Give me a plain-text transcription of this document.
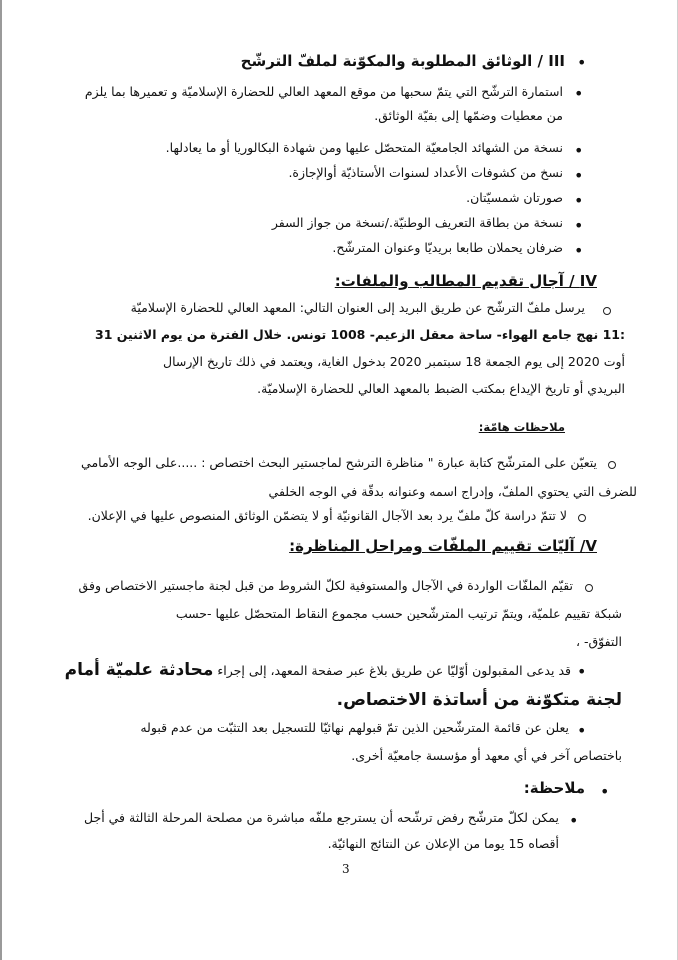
•
III / الوثائق المطلوبة والمكوّنة لملفّ الترشّح
•
استمارة الترشّح التي يتمّ سحبها من موقع المعهد العالي للحضارة الإسلاميّة و تعميرها بما يلزم
من معطيات وضمّها إلى بقيّة الوثائق.
•
نسخة من الشهائد الجامعيّة المتحصّل عليها ومن شهادة البكالوريا أو ما يعادلها.
•
نسخ من كشوفات الأعداد لسنوات الأستاذيّة أوالإجازة.
•
صورتان شمسيّتان.
•
نسخة من بطاقة التعريف الوطنيّة./نسخة من جواز السفر
•
ضرفان يحملان طابعا بريديّا وعنوان المترشّح.
IV / آجال تقديم المطالب والملفات:
يرسل ملفّ الترشّح عن طريق البريد إلى العنوان التالي: المعهد العالي للحضارة الإسلاميّة
:11 نهج جامع الهواء- ساحة معقل الزعيم- 1008 تونس. خلال الفترة من يوم الاثنين 31
أوت 2020 إلى يوم الجمعة 18 سبتمبر 2020 بدخول الغاية، ويعتمد في ذلك تاريخ الإرسال
البريدي أو تاريخ الإيداع بمكتب الضبط بالمعهد العالي للحضارة الإسلاميّة.
ملاحظات هامّة:
يتعيّن على المترشّح كتابة عبارة " مناظرة الترشح لماجستير البحث اختصاص : .....على الوجه الأمامي
للضرف التي يحتوي الملفّ، وإدراج اسمه وعنوانه بدقّة في الوجه الخلفي
لا تتمّ دراسة كلّ ملفّ يرد بعد الآجال القانونيّة أو لا يتضمّن الوثائق المنصوص عليها في الإعلان.
V/ آليّات تقييم الملفّات ومراحل المناظرة:
تقيّم الملفّات الواردة في الآجال والمستوفية لكلّ الشروط من قبل لجنة ماجستير الاختصاص وفق
شبكة تقييم علميّة، ويتمّ ترتيب المترشّحين حسب مجموع النقاط المتحصّل عليها -حسب
التفوّق- ،
•
قد يدعى المقبولون أوّليّا عن طريق بلاغ عبر صفحة المعهد، إلى إجراء محادثة علميّة أمام
لجنة متكوّنة من أساتذة الاختصاص.
•
يعلن عن قائمة المترشّحين الذين تمّ قبولهم نهائيّا للتسجيل بعد التثبّت من عدم قبوله
باختصاص آخر في أي معهد أو مؤسسة جامعيّة أخرى.
•
ملاحظة:
•
يمكن لكلّ مترشّح رفض ترشّحه أن يسترجع ملفّه مباشرة من مصلحة المرحلة الثالثة في أجل
أقصاه 15 يوما من الإعلان عن النتائج النهائيّة.
3
